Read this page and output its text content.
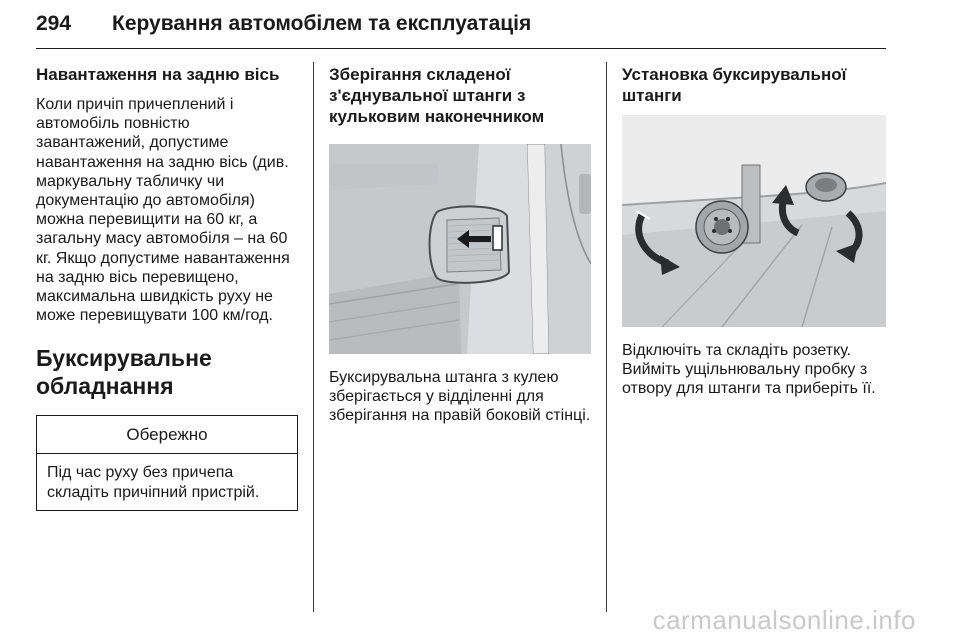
294 Керування автомобілем та експлуатація
Навантаження на задню вісь

Коли причіп причеплений і автомобіль повністю завантажений, допустиме навантаження на задню вісь (див. маркувальну табличку чи документацію до автомобіля) можна перевищити на 60 кг, а загальну масу автомобіля – на 60 кг. Якщо допустиме навантаження на задню вісь перевищено, максимальна швидкість руху не може перевищувати 100 км/год.

Буксирувальне обладнання
Обережно
Під час руху без причепа складіть причіпний пристрій.
Зберігання складеної з'єднувальної штанги з кульковим наконечником

Буксирувальна штанга з кулею зберігається у відділенні для зберігання на правій боковій стінці.

Установка буксирувальної штанги

Відключіть та складіть розетку. Вийміть ущільнювальну пробку з отвору для штанги та приберіть її.

carmanualsonline.info
